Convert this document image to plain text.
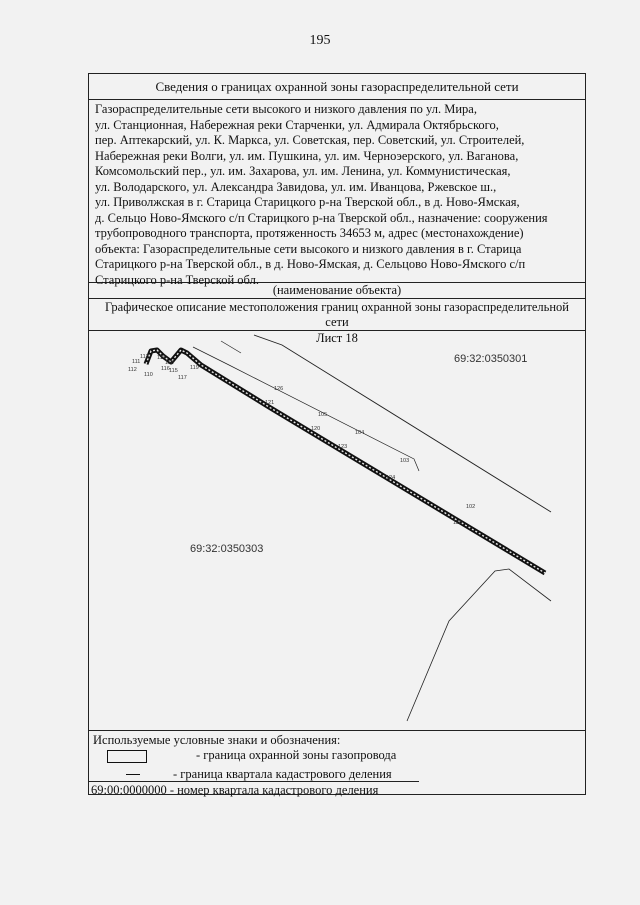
195
Сведения о границах охранной зоны газораспределительной сети
Газораспределительные сети высокого и низкого давления по ул. Мира,
ул. Станционная, Набережная реки Старченки, ул. Адмирала Октябрьского,
пер. Аптекарский, ул. К. Маркса, ул. Советская, пер. Советский, ул. Строителей,
Набережная реки Волги, ул. им. Пушкина, ул. им. Черноэерского, ул. Ваганова,
Комсомольский пер., ул. им. Захарова, ул. им. Ленина, ул. Коммунистическая,
ул. Володарского, ул. Александра Завидова, ул. им. Иванцова, Ржевское ш.,
ул. Приволжская в г. Старица Старицкого р-на Тверской обл., в д. Ново-Ямская,
д. Сельцо Ново-Ямского с/п Старицкого р-на Тверской обл., назначение: сооружения
трубопроводного транспорта, протяженность 34653 м, адрес (местонахождение)
объекта: Газораспределительные сети высокого и низкого давления в г. Старица
Старицкого р-на Тверской обл., в д. Ново-Ямская, д. Сельцово Ново-Ямского с/п
Старицкого р-на Тверской обл.
(наименование объекта)
Графическое описание местоположения границ охранной зоны газораспределительной сети
Лист 18
69:32:0350301
69:32:0350303
111
113 114
112
110
118
116 115
117
119
126
121
105
120
104
123
103
124
102
125
Используемые условные знаки и обозначения:
- граница охранной зоны газопровода
- граница квартала кадастрового деления
69:00:0000000 - номер квартала кадастрового деления
